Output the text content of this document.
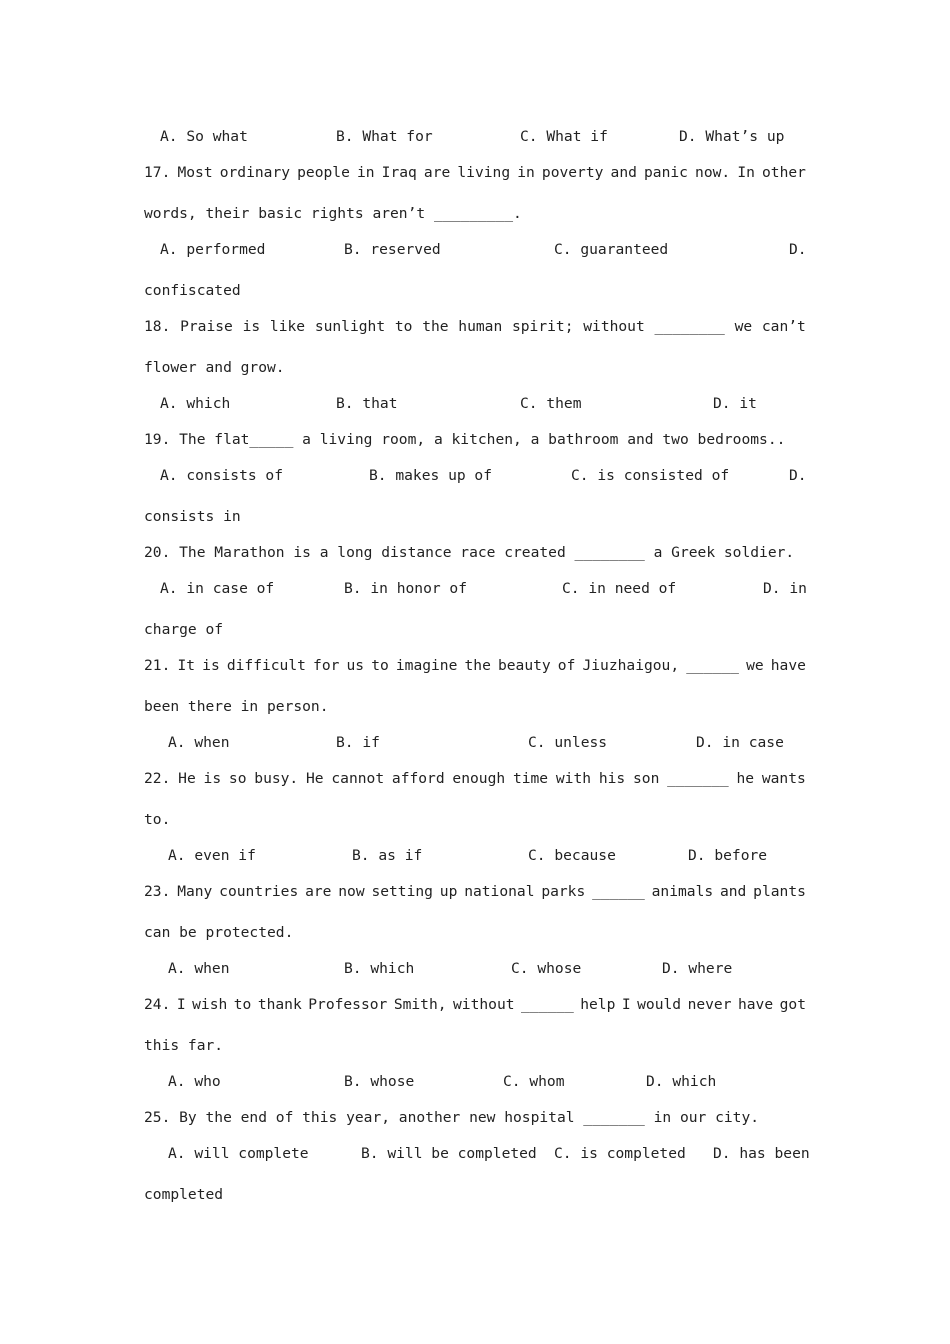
A. So what	B. What for	C. What if	D. What’s up
17. Most ordinary people in Iraq are living in poverty and panic now. In other
words, their basic rights aren’t _________.
A. performed	B. reserved	C. guaranteed	D.
confiscated
18. Praise is like sunlight to the human spirit; without ________ we can’t
flower and grow.
A. which	B. that	C. them	D. it
19. The flat_____ a living room, a kitchen, a bathroom and two bedrooms..
A. consists of	B. makes up of	C. is consisted of	D.
consists in
20. The Marathon is a long distance race created ________ a Greek soldier.
A. in case of	B. in honor of	C. in need of	D. in
charge of
21. It is difficult for us to imagine the beauty of Jiuzhaigou, ______ we have
been there in person.
A. when	B. if	C. unless	D. in case
22. He is so busy. He cannot afford enough time with his son _______ he wants
to.
A. even if	B. as if	C. because	D. before
23. Many countries are now setting up national parks ______ animals and plants
can be protected.
A. when	B. which	C. whose	D. where
24. I wish to thank Professor Smith, without ______ help I would never have got
this far.
A. who	B. whose	C. whom	D. which
25. By the end of this year, another new hospital _______ in our city.
A. will complete	B. will be completed C. is completed D. has been
completed
